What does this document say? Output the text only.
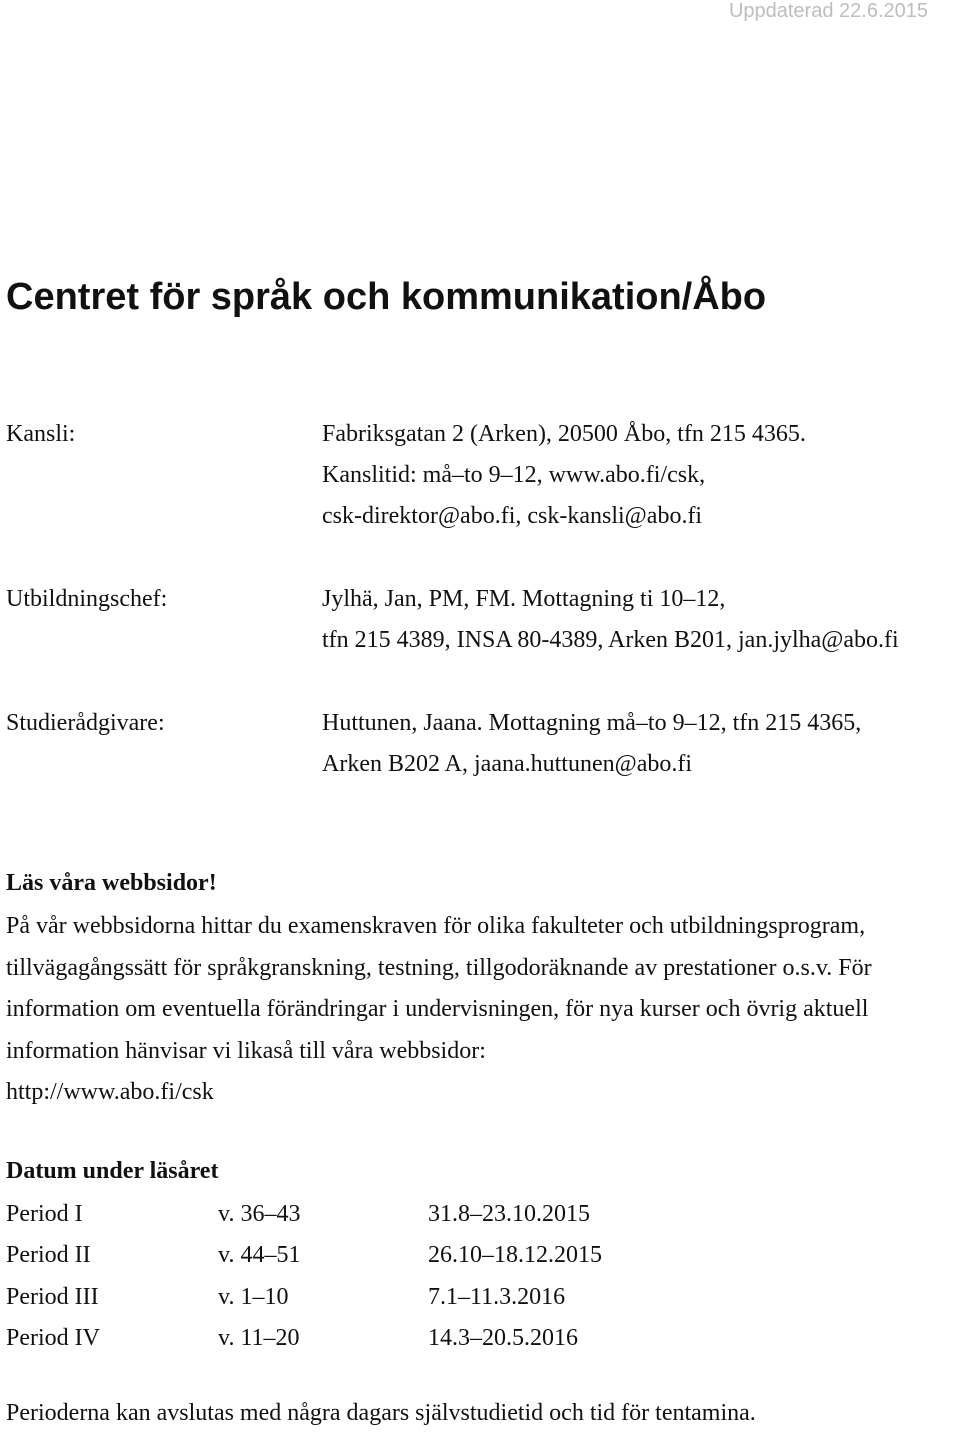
Uppdaterad 22.6.2015
Centret för språk och kommunikation/Åbo
Kansli:	Fabriksgatan 2 (Arken), 20500 Åbo, tfn 215 4365.
Kanslitid: må–to 9–12, www.abo.fi/csk,
csk-direktor@abo.fi, csk-kansli@abo.fi
Utbildningschef:	Jylhä, Jan, PM, FM. Mottagning ti 10–12,
tfn 215 4389, INSA 80-4389, Arken B201, jan.jylha@abo.fi
Studierådgivare:	Huttunen, Jaana. Mottagning må–to 9–12, tfn 215 4365,
Arken B202 A, jaana.huttunen@abo.fi
Läs våra webbsidor!
På vår webbsidorna hittar du examenskraven för olika fakulteter och utbildningsprogram,
tillvägagångssätt för språkgranskning, testning, tillgodoräknande av prestationer o.s.v. För
information om eventuella förändringar i undervisningen, för nya kurser och övrig aktuell
information hänvisar vi likaså till våra webbsidor:
http://www.abo.fi/csk
Datum under läsåret
Period I	v. 36–43	31.8–23.10.2015
Period II	v. 44–51	26.10–18.12.2015
Period III	v. 1–10	7.1–11.3.2016
Period IV	v. 11–20	14.3–20.5.2016
Perioderna kan avslutas med några dagars självstudietid och tid för tentamina.
